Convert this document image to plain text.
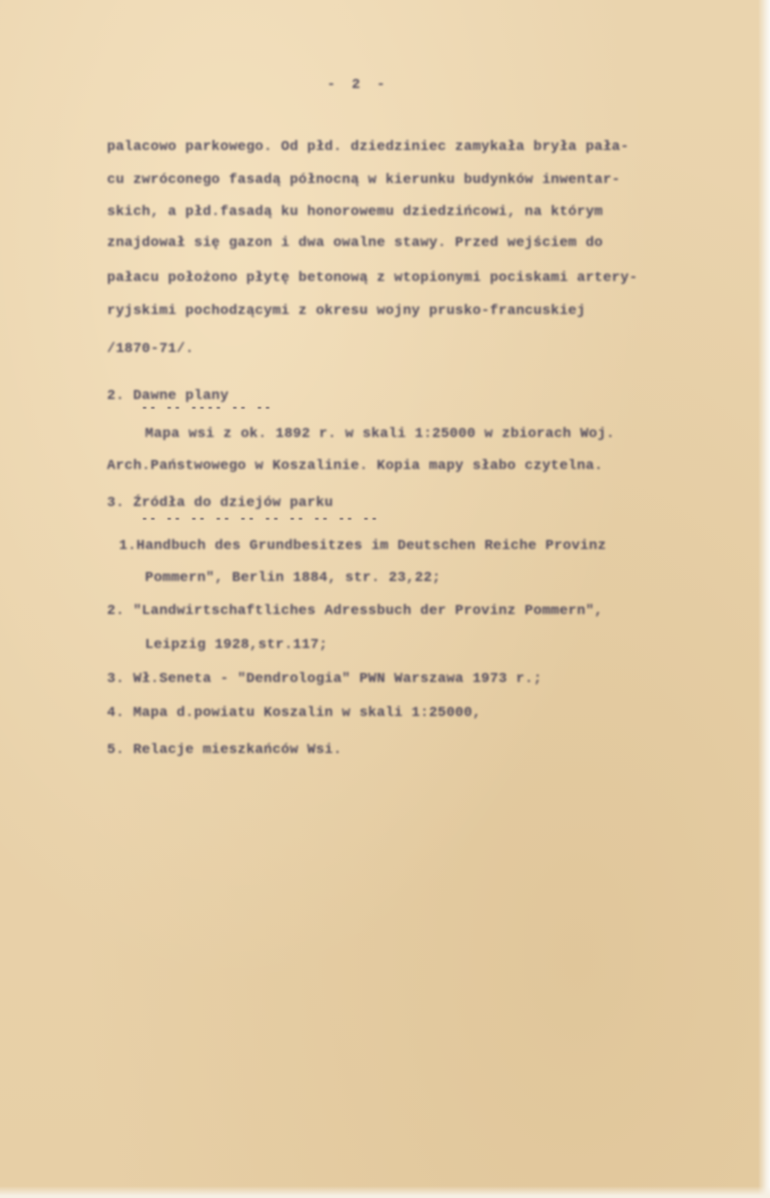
- 2 -

palacowo parkowego. Od płd. dziedziniec zamykała bryła pała-

cu zwróconego fasadą północną w kierunku budynków inwentar-

skich, a płd.fasadą ku honorowemu dziedzińcowi, na którym

znajdował się gazon i dwa owalne stawy. Przed wejściem do

pałacu położono płytę betonową z wtopionymi pociskami artery-

ryjskimi pochodzącymi z okresu wojny prusko-francuskiej

/1870-71/.

2. Dawne plany

-- -- ---- -- --

Mapa wsi z ok. 1892 r. w skali 1:25000 w zbiorach Woj.

Arch.Państwowego w Koszalinie. Kopia mapy słabo czytelna.

3. Źródła do dziejów parku

-- -- -- -- -- -- -- -- -- --

1.Handbuch des Grundbesitzes im Deutschen Reiche Provinz

Pommern", Berlin 1884, str. 23,22;

2. "Landwirtschaftliches Adressbuch der Provinz Pommern",

Leipzig 1928,str.117;

3. Wł.Seneta - "Dendrologia" PWN Warszawa 1973 r.;

4. Mapa d.powiatu Koszalin w skali 1:25000,

5. Relacje mieszkańców Wsi.
